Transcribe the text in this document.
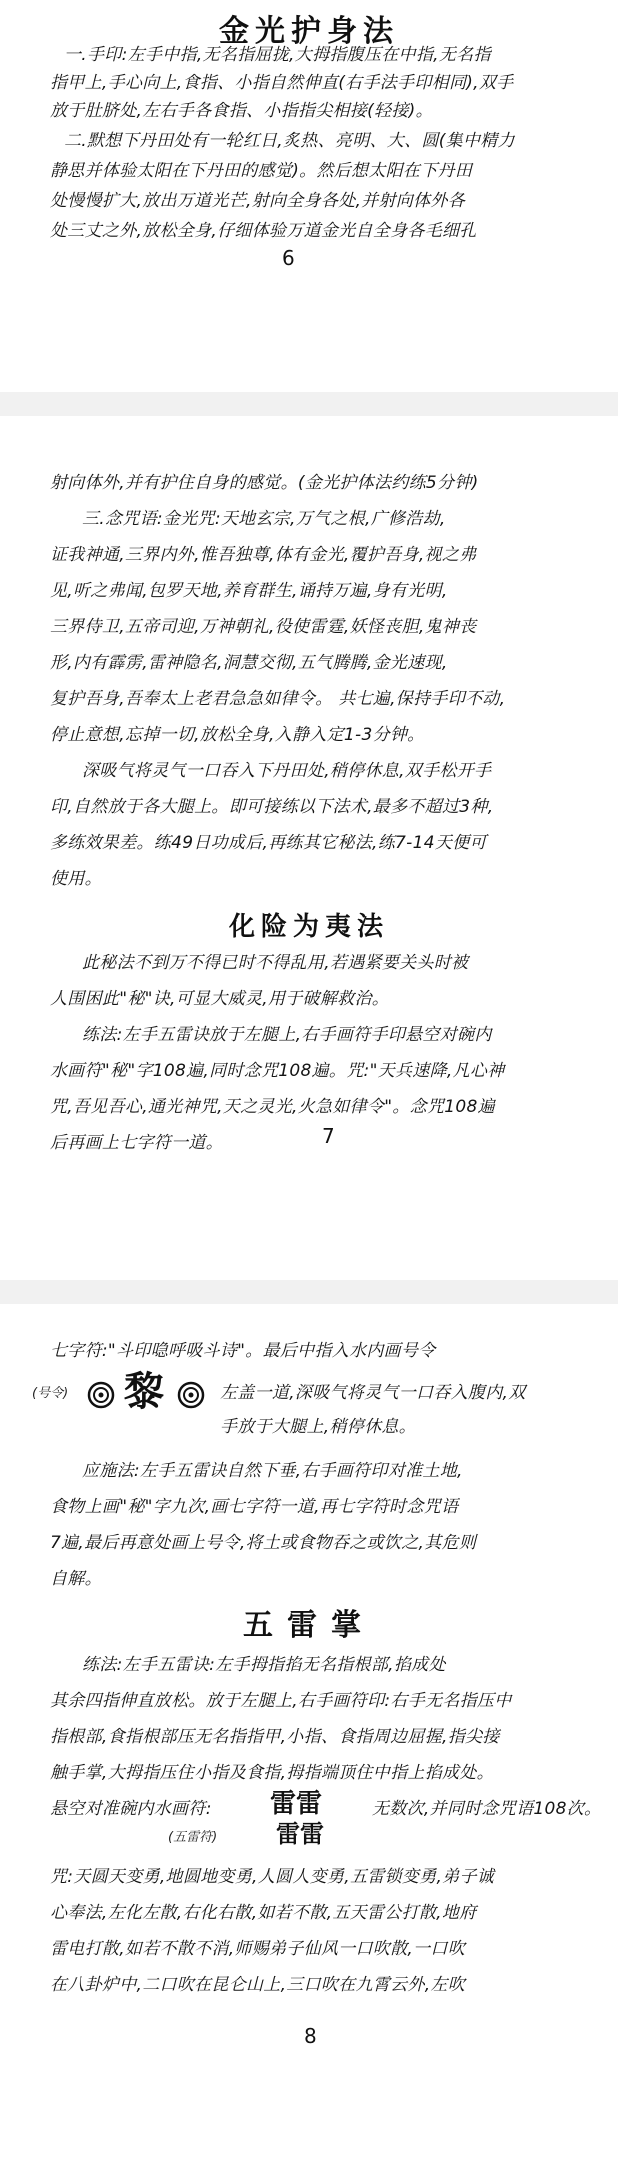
金光护身法
一.手印:左手中指,无名指屈拢,大拇指腹压在中指,无名指
指甲上,手心向上,食指、小指自然伸直(右手法手印相同),双手
放于肚脐处,左右手各食指、小指指尖相接(轻接)。
二.默想下丹田处有一轮红日,炙热、亮明、大、圆(集中精力
静思并体验太阳在下丹田的感觉)。然后想太阳在下丹田
处慢慢扩大,放出万道光芒,射向全身各处,并射向体外各
处三丈之外,放松全身,仔细体验万道金光自全身各毛细孔
6
射向体外,并有护住自身的感觉。(金光护体法约练5分钟)
三.念咒语:金光咒:天地玄宗,万气之根,广修浩劫,
证我神通,三界内外,惟吾独尊,体有金光,覆护吾身,视之弗
见,听之弗闻,包罗天地,养育群生,诵持万遍,身有光明,
三界侍卫,五帝司迎,万神朝礼,役使雷霆,妖怪丧胆,鬼神丧
形,内有霹雳,雷神隐名,洞慧交彻,五气腾腾,金光速现,
复护吾身,吾奉太上老君急急如律令。 共七遍,保持手印不动,
停止意想,忘掉一切,放松全身,入静入定1-3分钟。
深吸气将灵气一口吞入下丹田处,稍停休息,双手松开手
印,自然放于各大腿上。即可接练以下法术,最多不超过3种,
多练效果差。练49日功成后,再练其它秘法,练7-14天便可
使用。
化险为夷法
此秘法不到万不得已时不得乱用,若遇紧要关头时被
人围困此"秘"诀,可显大威灵,用于破解救治。
练法:左手五雷诀放于左腿上,右手画符手印悬空对碗内
水画符"秘"字108遍,同时念咒108遍。咒:"天兵速降,凡心神
咒,吾见吾心,通光神咒,天之灵光,火急如律令"。念咒108遍
后再画上七字符一道。	7
七字符:"斗印喼呼吸斗诗"。最后中指入水内画号令
(号令) 黎	左盖一道,深吸气将灵气一口吞入腹内,双
手放于大腿上,稍停休息。
应施法:左手五雷诀自然下垂,右手画符印对准土地,
食物上画"秘"字九次,画七字符一道,再七字符时念咒语
7遍,最后再意处画上号令,将土或食物吞之或饮之,其危则
自解。
五雷掌
练法:左手五雷诀:左手拇指掐无名指根部,掐成处
其余四指伸直放松。放于左腿上,右手画符印:右手无名指压中
指根部,食指根部压无名指指甲,小指、食指周边屈握,指尖接
触手掌,大拇指压住小指及食指,拇指端顶住中指上掐成处。
悬空对准碗内水画符:	雷雷
雷雷
(五雷符)
无数次,并同时念咒语108次。
咒:天圆天变勇,地圆地变勇,人圆人变勇,五雷锁变勇,弟子诚
心奉法,左化左散,右化右散,如若不散,五天雷公打散,地府
雷电打散,如若不散不消,师赐弟子仙风一口吹散,一口吹
在八卦炉中,二口吹在昆仑山上,三口吹在九霄云外,左吹
8
